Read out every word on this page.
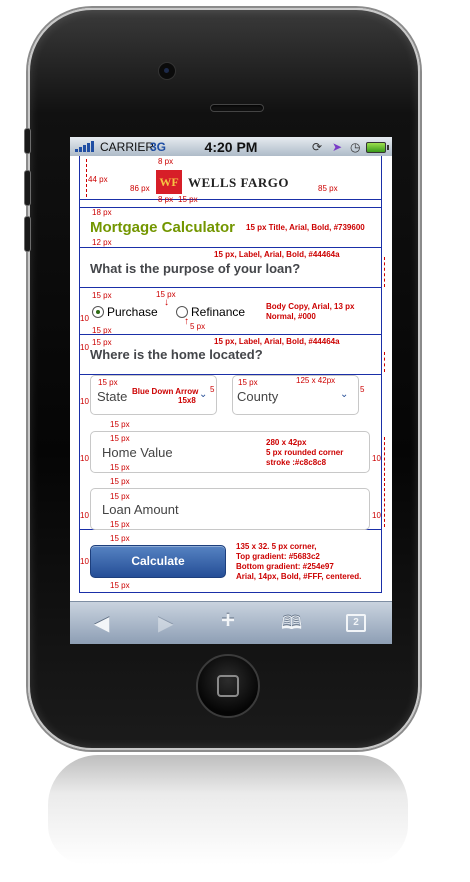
CARRIER
3G	4:20 PM	⟳ ➤ ◷
44 px
86 px	85 px
8 px
8 px 15 px
WF WELLS FARGO
18 px
Mortgage Calculator 15 px Title, Arial, Bold, #739600
12 px
15 px, Label, Arial, Bold, #44464a
What is the purpose of your loan?
15 px	15 px
10
5 px
15 px
Purchase	Refinance
↓
↑
Body Copy, Arial, 13 px
Normal, #000
15 px
10
15 px, Label, Arial, Bold, #44464a
Where is the home located?
15 px	15 px	125 x 42px
10
5	5
State	County
Blue Down Arrow
15x8
⌄	⌄
15 px
15 px
10	10
Home Value
280 x 42px
5 px rounded corner
stroke :#c8c8c8
15 px
15 px
15 px
10	10
Loan Amount
15 px
15 px
Calculate
10
15 px
135 x 32. 5 px corner,
Top gradient: #5683c2
Bottom gradient: #254e97
Arial, 14px, Bold, #FFF, centered.
◀ ▶ +	🕮	2
